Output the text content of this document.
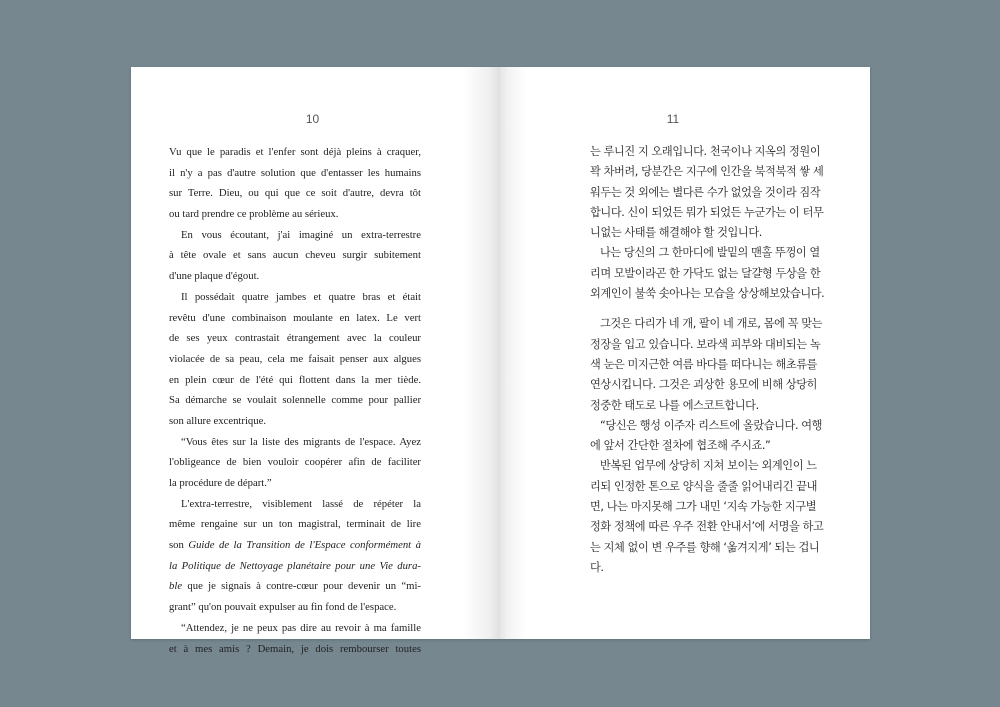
10
Vu que le paradis et l'enfer sont déjà pleins à craquer,
il n'y a pas d'autre solution que d'entasser les humains
sur Terre. Dieu, ou qui que ce soit d'autre, devra tôt
ou tard prendre ce problème au sérieux.
En vous écoutant, j'ai imaginé un extra-terrestre
à tête ovale et sans aucun cheveu surgir subitement
d'une plaque d'égout.
Il possédait quatre jambes et quatre bras et était
revêtu d'une combinaison moulante en latex. Le vert
de ses yeux contrastait étrangement avec la couleur
violacée de sa peau, cela me faisait penser aux algues
en plein cœur de l'été qui flottent dans la mer tiède.
Sa démarche se voulait solennelle comme pour pallier
son allure excentrique.
“Vous êtes sur la liste des migrants de l'espace. Ayez
l'obligeance de bien vouloir coopérer afin de faciliter
la procédure de départ.”
L'extra-terrestre, visiblement lassé de répéter la
même rengaine sur un ton magistral, terminait de lire
son Guide de la Transition de l'Espace conformément à
la Politique de Nettoyage planétaire pour une Vie dura-
ble que je signais à contre-cœur pour devenir un “mi-
grant” qu'on pouvait expulser au fin fond de l'espace.
“Attendez, je ne peux pas dire au revoir à ma famille
et à mes amis ? Demain, je dois rembourser toutes
11
는 루니진 지 오래입니다. 천국이나 지옥의 정원이
꽉 차버려, 당분간은 지구에 인간을 북적북적 쌓 세
워두는 것 외에는 별다른 수가 없었을 것이라 짐작
합니다. 신이 되었든 뭐가 되었든 누군가는 이 터무
니없는 사태를 해결해야 할 것입니다.
나는 당신의 그 한마디에 발밑의 맨홀 뚜껑이 열
리며 모발이라곤 한 가닥도 없는 달걀형 두상을 한
외계인이 불쑥 솟아나는 모습을 상상해보았습니다.
그것은 다리가 네 개, 팔이 네 개로, 몸에 꼭 맞는
정장을 입고 있습니다. 보라색 피부와 대비되는 녹
색 눈은 미지근한 여름 바다를 떠다니는 해초류를
연상시킵니다. 그것은 괴상한 용모에 비해 상당히
정중한 태도로 나를 에스코트합니다.
“당신은 행성 이주자 리스트에 올랐습니다. 여행
에 앞서 간단한 절차에 협조해 주시죠.”
반복된 업무에 상당히 지쳐 보이는 외계인이 느
리되 인정한 톤으로 양식을 줄줄 읽어내리긴 끝내
면, 나는 마지못해 그가 내민 ‘지속 가능한 지구별
정화 정책에 따른 우주 전환 안내서’에 서명을 하고
는 지체 없이 변 우주를 향해 ‘옮겨지게’ 되는 겁니
다.
